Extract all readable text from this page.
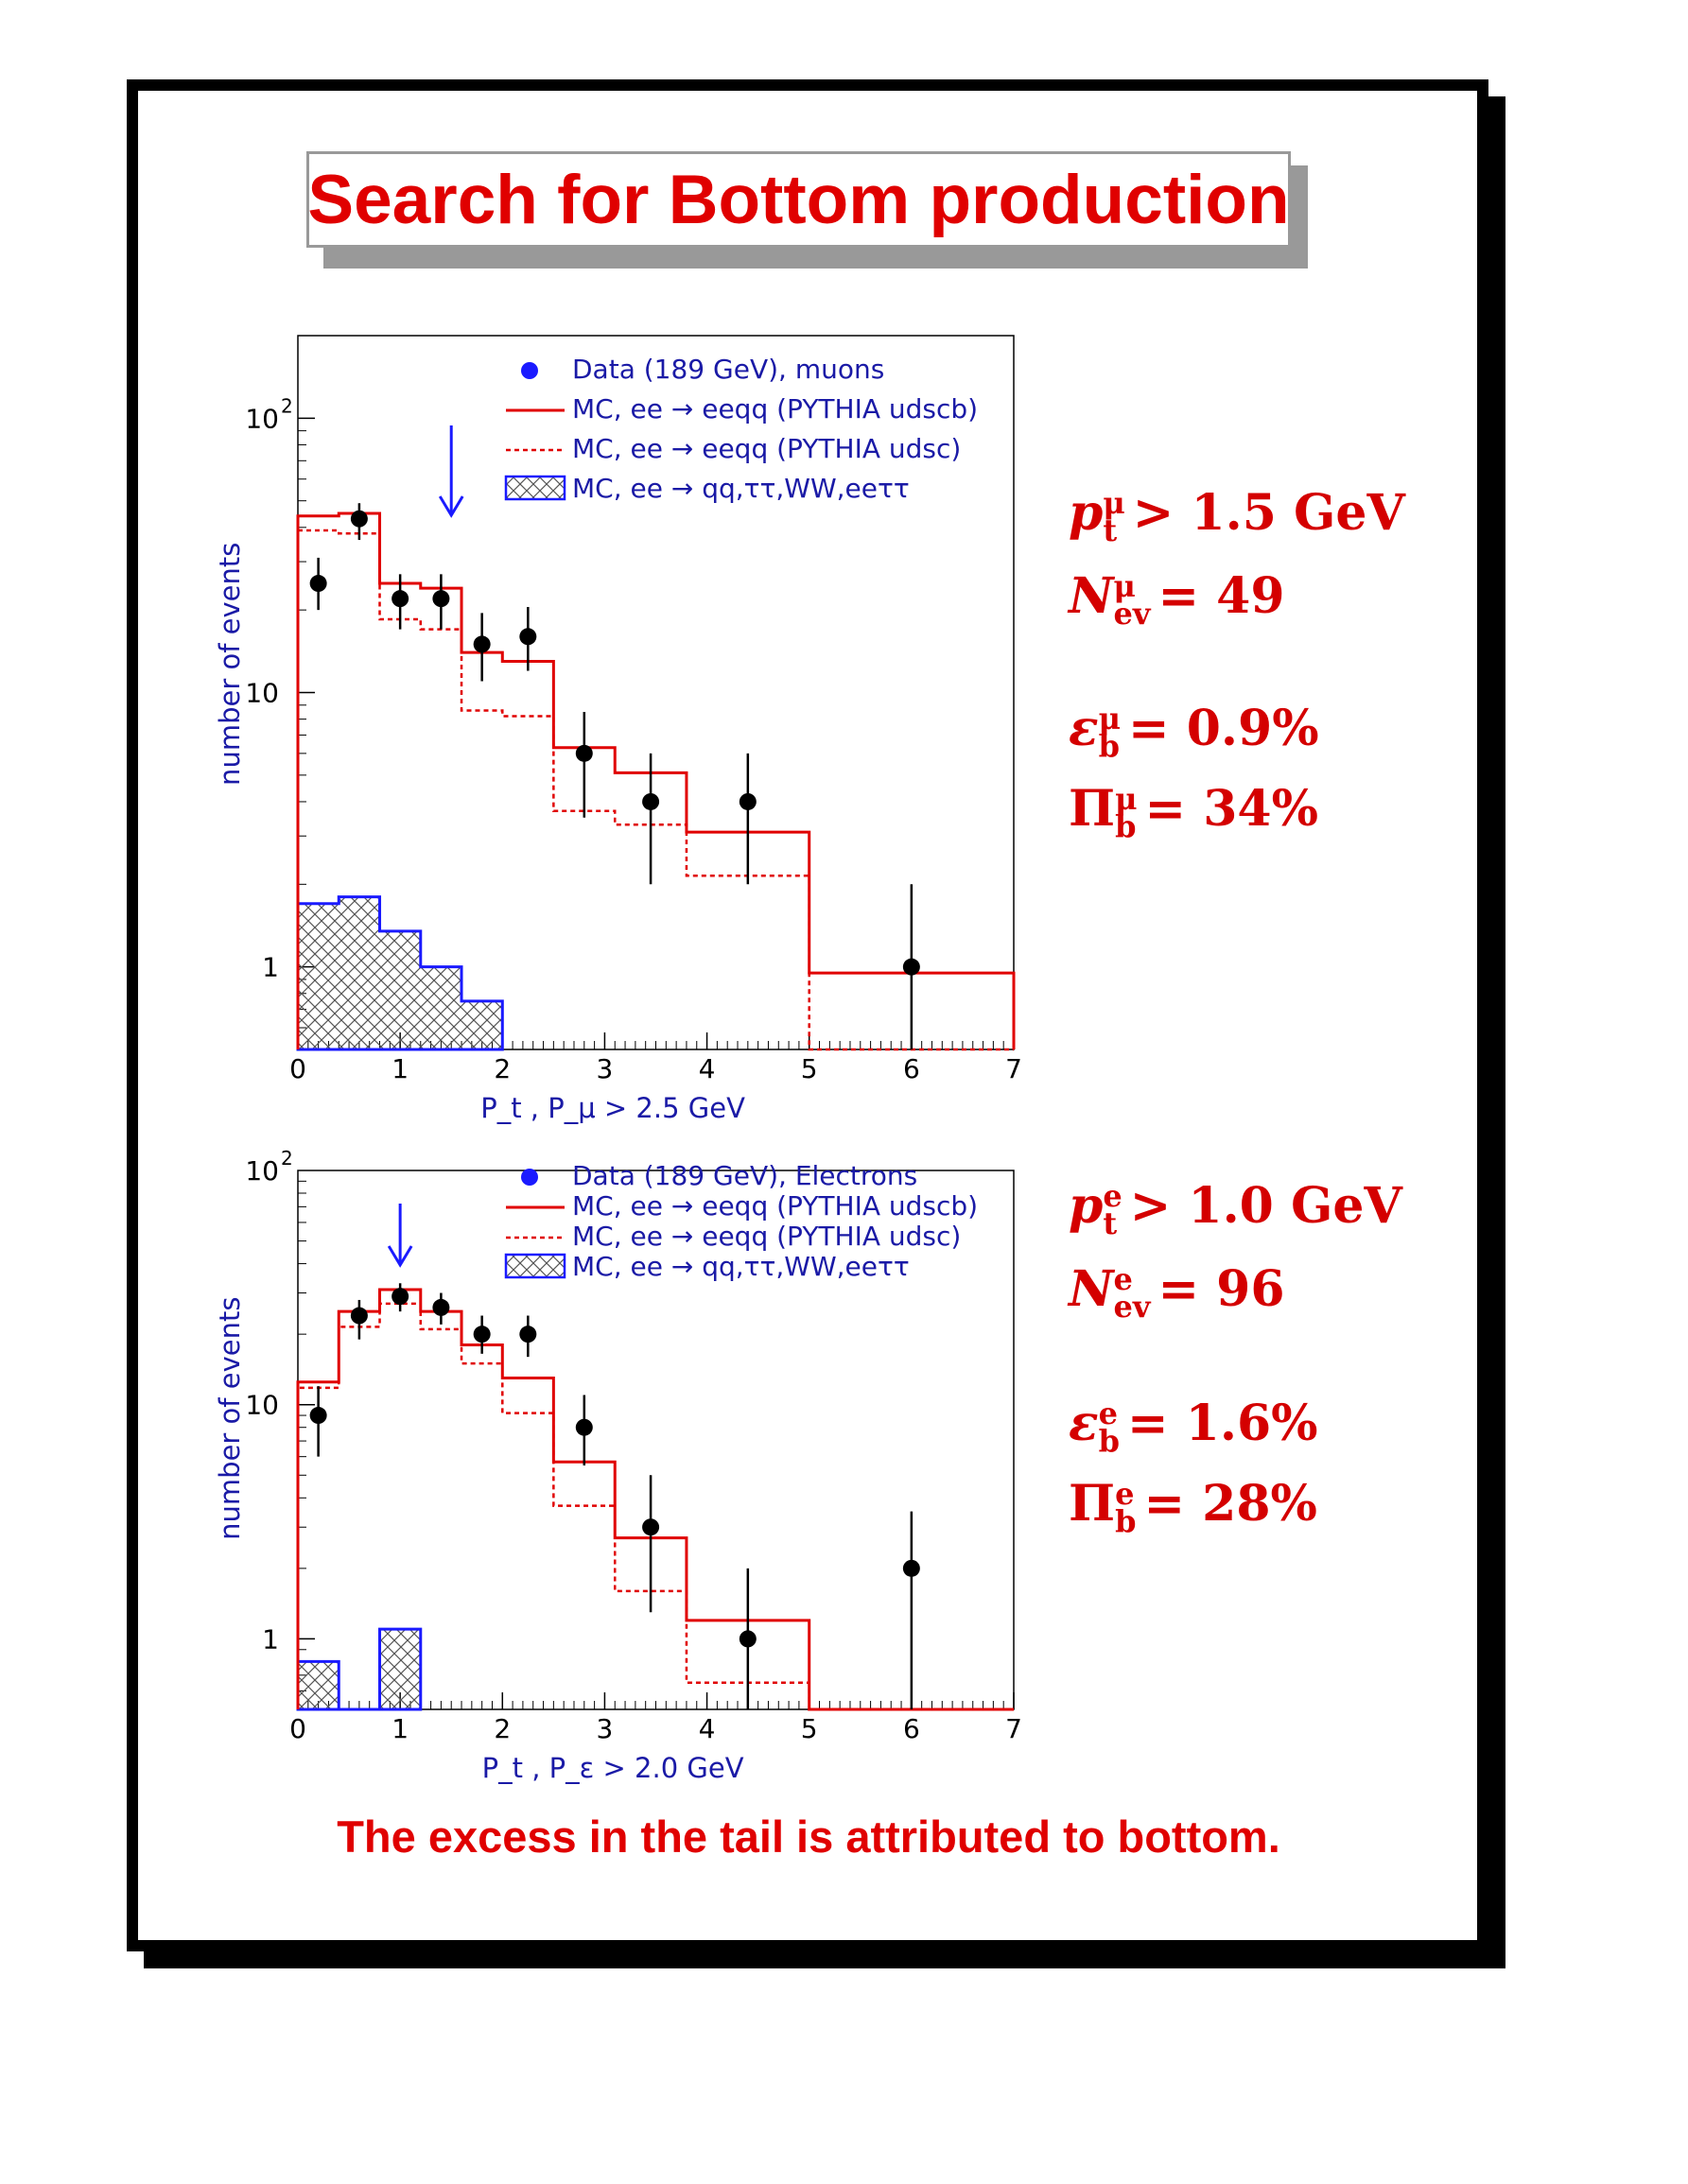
Search for Bottom production
0	1	2	3	4	5	6	7
1
10
10 2
P_t , P_μ > 2.5 GeV
number of events
Data (189 GeV), muons
MC, ee → eeqq (PYTHIA udscb)
MC, ee → eeqq (PYTHIA udsc)
MC, ee → qq,ττ,WW,eeττ
0	1	2	3	4	5	6	7
1
10
10 2
P_t , P_ε > 2.0 GeV
number of events
Data (189 GeV), Electrons
MC, ee → eeqq (PYTHIA udscb)
MC, ee → eeqq (PYTHIA udsc)
MC, ee → qq,ττ,WW,eeττ
p μ
t > 1.5 GeV
N μ
ev = 49
ε μ
b = 0.9%
Π μ
b = 34%
p e
t > 1.0 GeV
N e
ev = 96
ε e
b = 1.6%
Π e
b = 28%
The excess in the tail is attributed to bottom.
